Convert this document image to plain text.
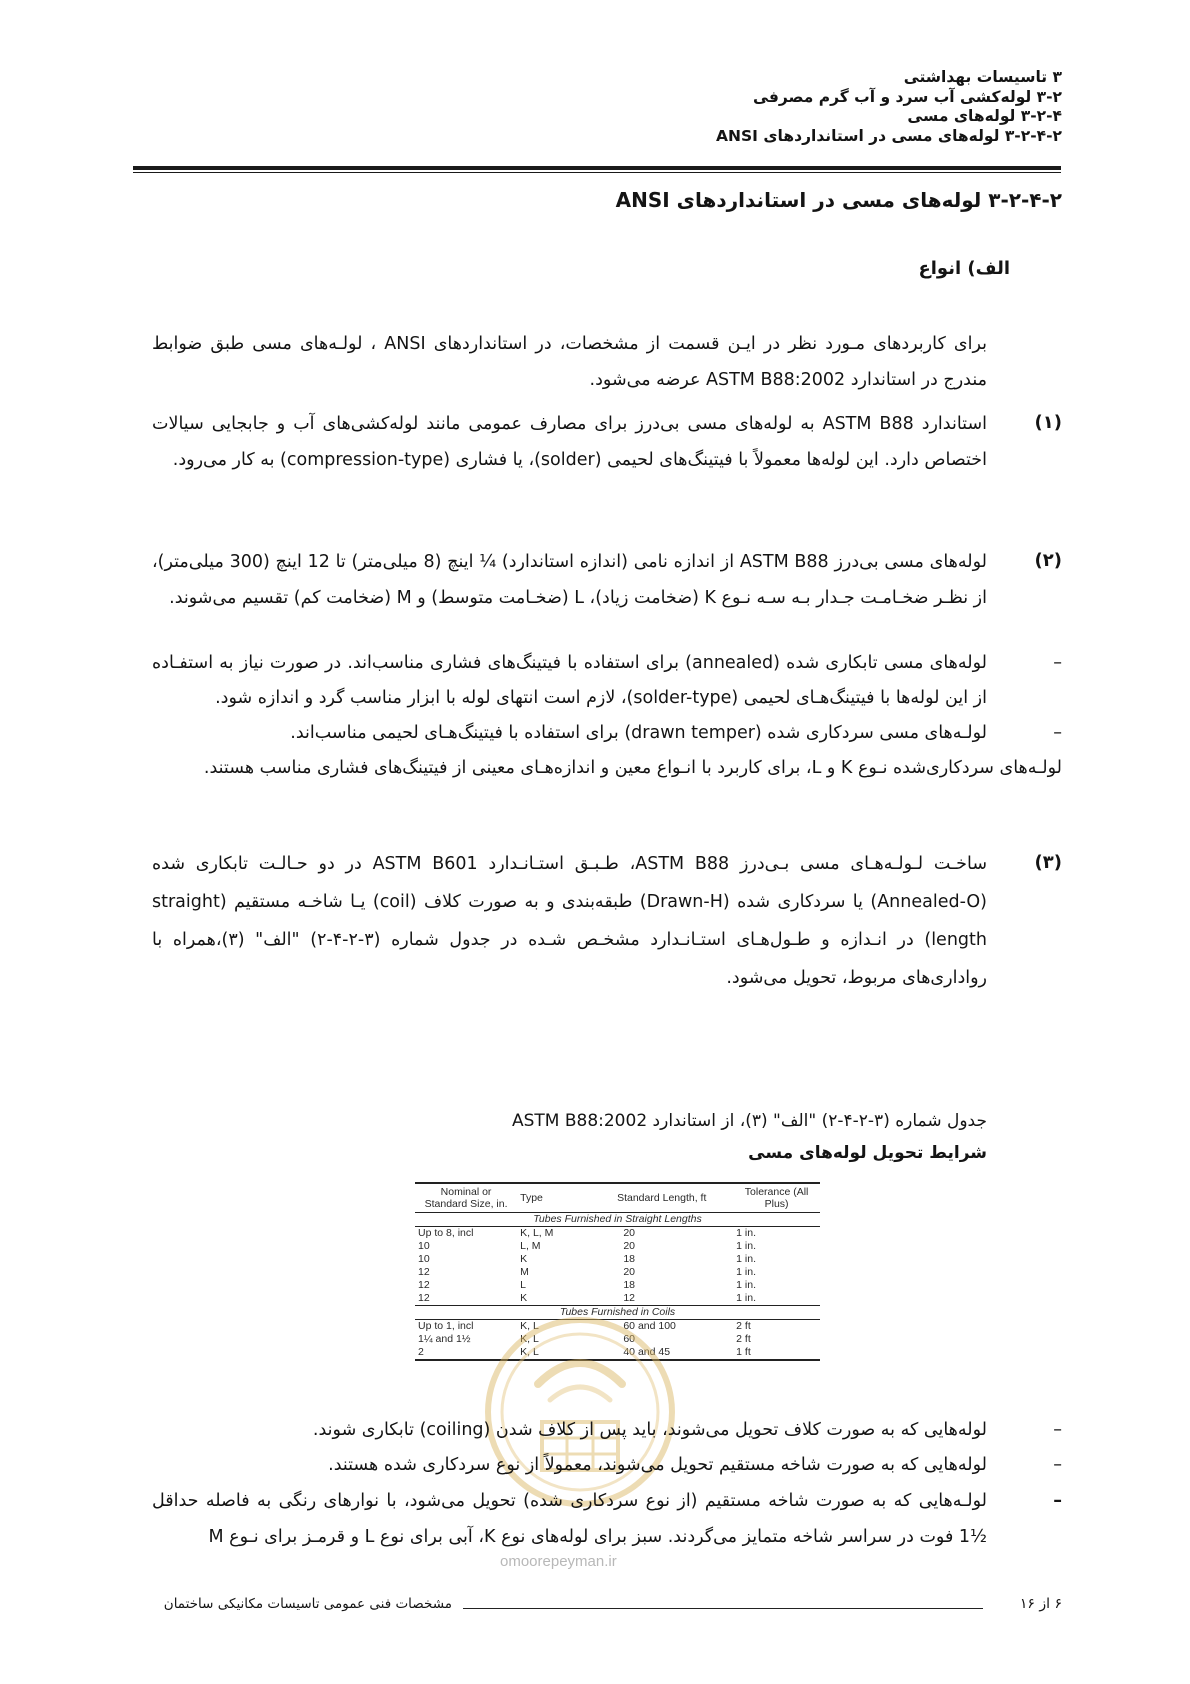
۳ تاسیسات بهداشتی
۳-۲ لوله‌کشی آب سرد و آب گرم مصرفی
۳-۲-۴ لوله‌های مسی
۳-۲-۴-۲ لوله‌های مسی در استانداردهای ANSI
۳-۲-۴-۲ لوله‌های مسی در استانداردهای ANSI
الف) انواع
برای کاربردهای مـورد نظر در ایـن قسمت از مشخصات، در استانداردهای ANSI ، لولـه‌های مسی طبق ضوابط مندرج در استاندارد ASTM B88:2002 عرضه می‌شود.
(۱)
استاندارد ASTM B88 به لوله‌های مسی بی‌درز برای مصارف عمومی مانند لوله‌کشی‌های آب و جابجایی سیالات اختصاص دارد. این لوله‌ها معمولاً با فیتینگ‌های لحیمی (solder)، یا فشاری (compression-type) به کار می‌رود.
(۲)
لوله‌های مسی بی‌درز ASTM B88 از اندازه نامی (اندازه استاندارد) ¼ اینچ (8 میلی‌متر) تا 12 اینچ (300 میلی‌متر)، از نظـر ضخـامـت جـدار بـه سـه نـوع K (ضخامت زیاد)، L (ضخـامت متوسط) و M (ضخامت کم) تقسیم می‌شوند.
–
لوله‌های مسی تابکاری شده (annealed) برای استفاده با فیتینگ‌های فشاری مناسب‌اند. در صورت نیاز به استفـاده از این لوله‌ها با فیتینگ‌هـای لحیمی (solder-type)، لازم است انتهای لوله با ابزار مناسب گرد و اندازه شود.
–
لولـه‌های مسی سردکاری شده (drawn temper) برای استفاده با فیتینگ‌هـای لحیمی مناسب‌اند.
لولـه‌های سردکاری‌شده نـوع K و L، برای کاربرد با انـواع معین و اندازه‌هـای معینی از فیتینگ‌های فشاری مناسب هستند.
(۳)
ساخـت لـولـه‌هـای مسی بـی‌درز ASTM B88، طـبـق استـانـدارد ASTM B601 در دو حـالـت تابکاری شده (Annealed-O) یا سردکاری شده (Drawn-H) طبقه‌بندی و به صورت کلاف (coil) یـا شاخـه مستقیم (straight length) در انـدازه و طـول‌هـای استـانـدارد مشخـص شـده در جدول شماره (۳-۲-۴-۲) "الف" (۳)،همراه با رواداری‌های مربوط، تحویل می‌شود.
جدول شماره (۳-۲-۴-۲) "الف" (۳)، از استاندارد ASTM B88:2002
شرایط تحویل لوله‌های مسی
Nominal or Standard Size, in.	Type	Standard Length, ft	Tolerance (All Plus)
Tubes Furnished in Straight Lengths			
Up to 8, incl	K, L, M	20	1 in.
10	L, M	20	1 in.
10	K	18	1 in.
12	M	20	1 in.
12	L	18	1 in.
12	K	12	1 in.
Tubes Furnished in Coils			
Up to 1, incl	K, L	60 and 100	2 ft
1¼ and 1½	K, L	60	2 ft
2	K, L	40 and 45	1 ft
omoorepeyman.ir
–
لوله‌هایی که به صورت کلاف تحویل می‌شوند، باید پس از کلاف شدن (coiling) تابکاری شوند.
–
لوله‌هایی که به صورت شاخه مستقیم تحویل می‌شوند، معمولاً از نوع سردکاری شده هستند.
–
لولـه‌هایی که به صورت شاخه مستقیم (از نوع سردکاری شده) تحویل می‌شود، با نوارهای رنگی به فاصله حداقل ½1 فوت در سراسر شاخه متمایز می‌گردند. سبز برای لوله‌های نوع K، آبی برای نوع L و قرمـز برای نـوع M
مشخصات فنی عمومی تاسیسات مکانیکی ساختمان	۶ از ۱۶
